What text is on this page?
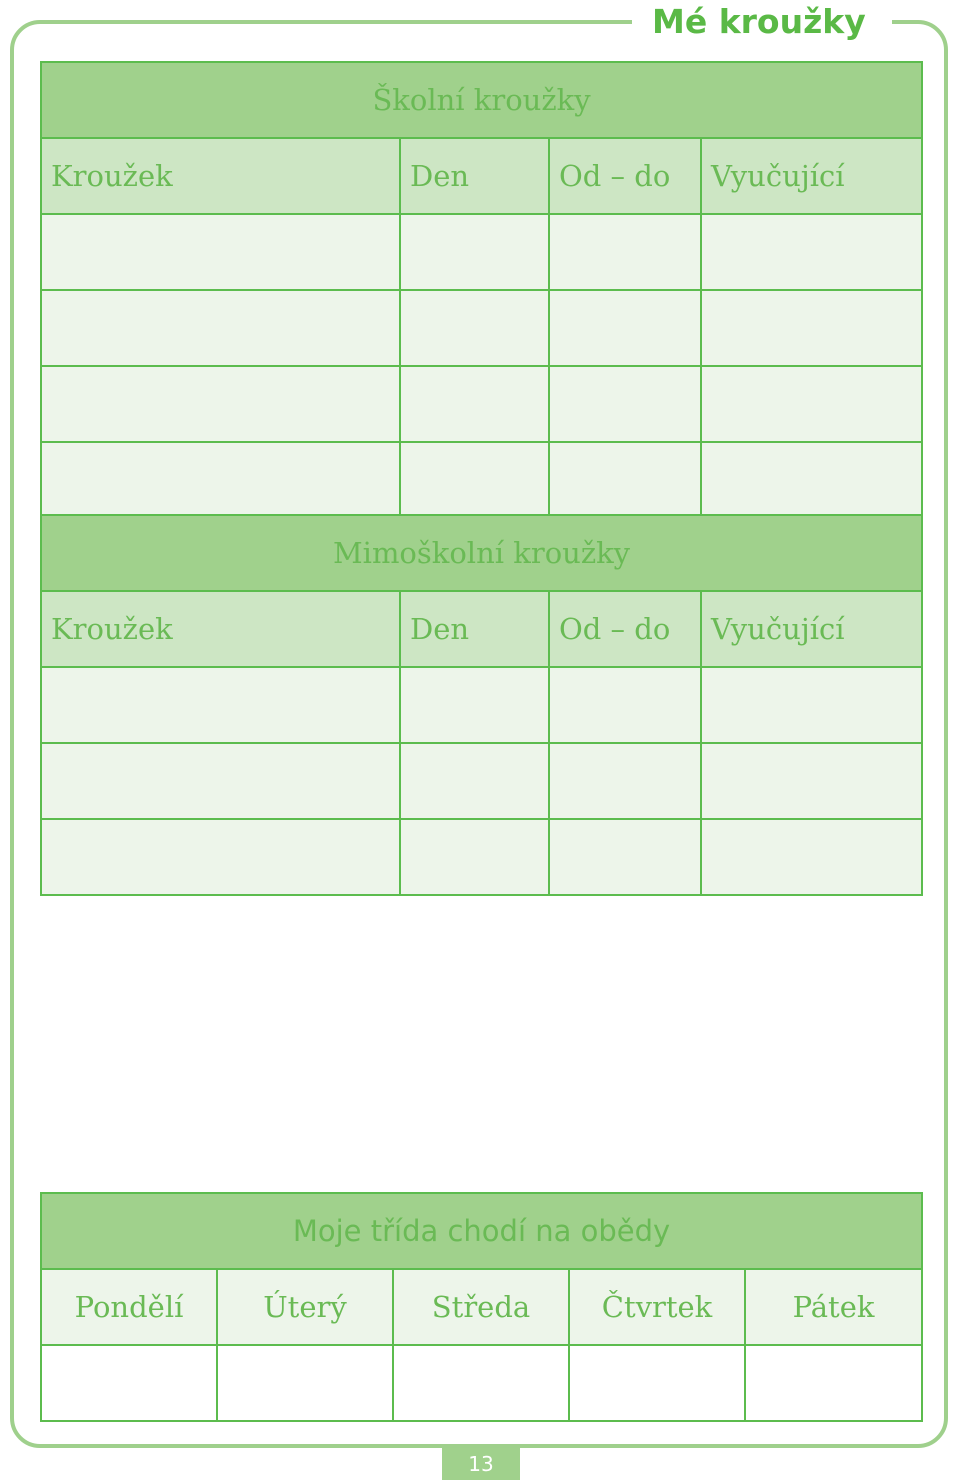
Mé kroužky
Školní kroužky			
Kroužek	Den	Od – do	Vyučující

Mimoškolní kroužky			
Kroužek	Den	Od – do	Vyučující

Moje třída chodí na obědy				
Pondělí	Úterý	Středa	Čtvrtek	Pátek

13
